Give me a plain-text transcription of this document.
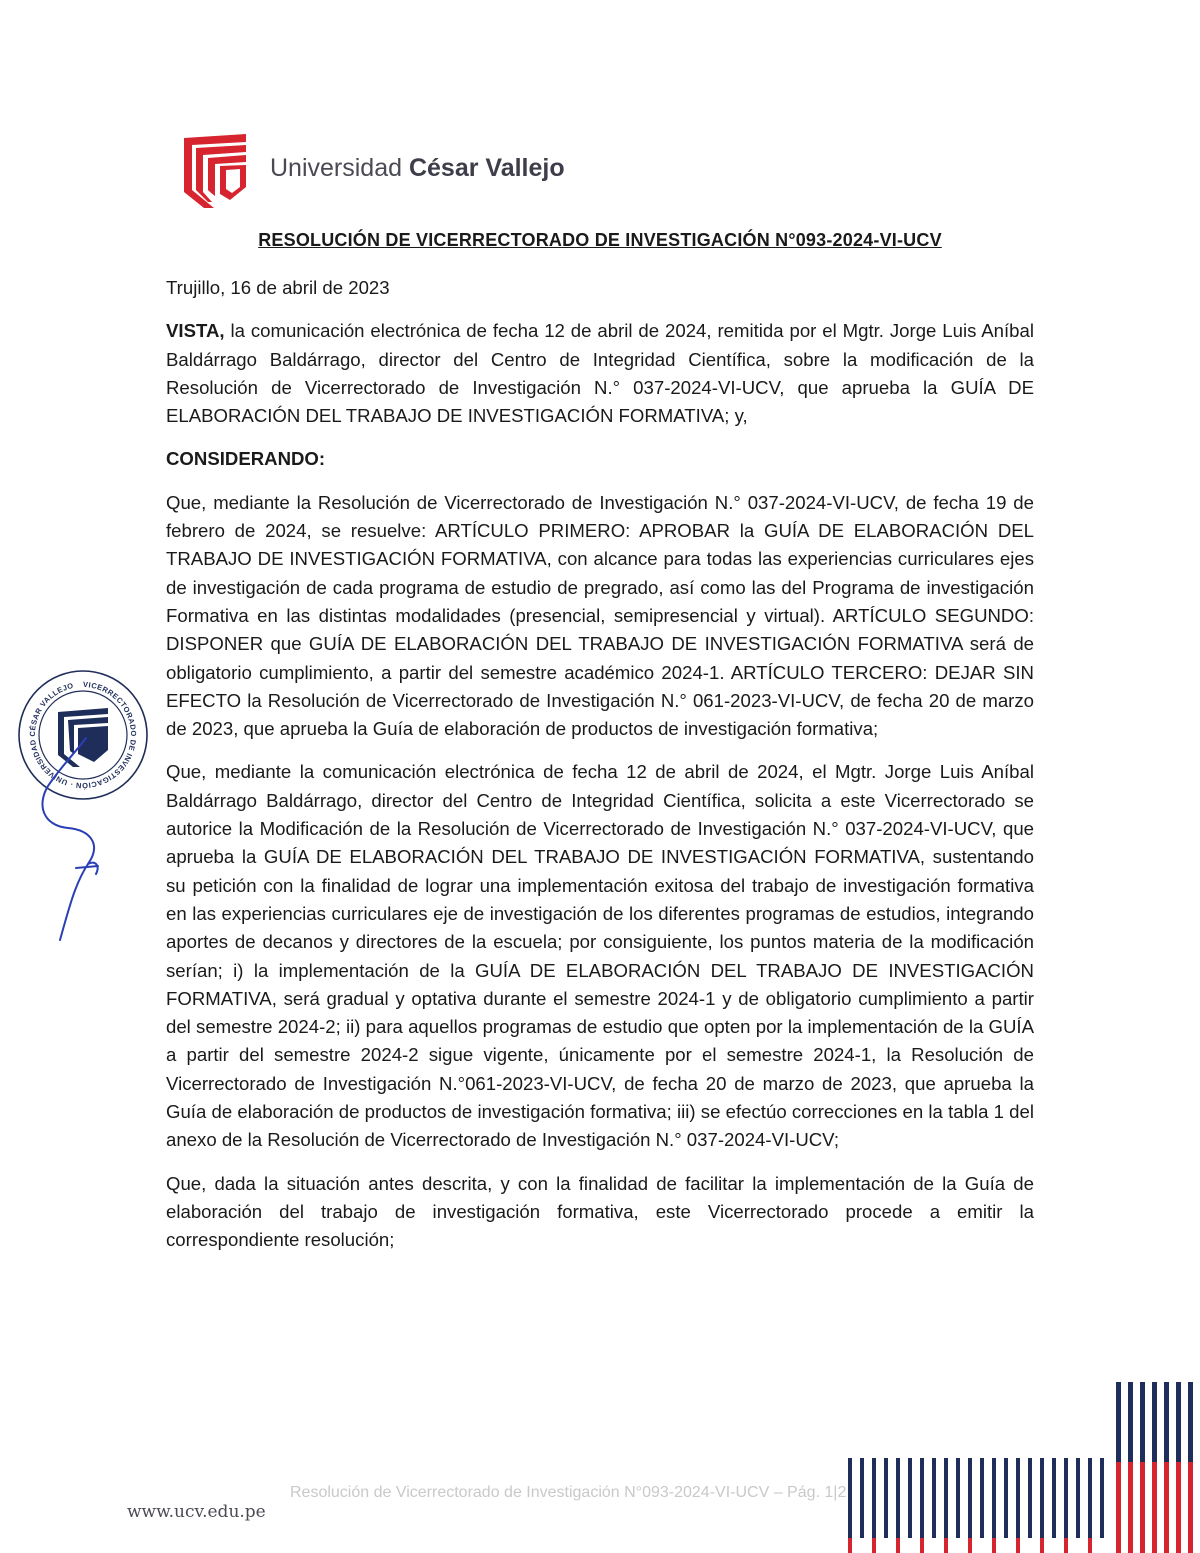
Universidad César Vallejo
RESOLUCIÓN DE VICERRECTORADO DE INVESTIGACIÓN N°093-2024-VI-UCV

Trujillo, 16 de abril de 2023

VISTA, la comunicación electrónica de fecha 12 de abril de 2024, remitida por el Mgtr. Jorge Luis Aníbal Baldárrago Baldárrago, director del Centro de Integridad Científica, sobre la modificación de la Resolución de Vicerrectorado de Investigación N.° 037-2024-VI-UCV, que aprueba la GUÍA DE ELABORACIÓN DEL TRABAJO DE INVESTIGACIÓN FORMATIVA; y,

CONSIDERANDO:

Que, mediante la Resolución de Vicerrectorado de Investigación N.° 037-2024-VI-UCV, de fecha 19 de febrero de 2024, se resuelve: ARTÍCULO PRIMERO: APROBAR la GUÍA DE ELABORACIÓN DEL TRABAJO DE INVESTIGACIÓN FORMATIVA, con alcance para todas las experiencias curriculares ejes de investigación de cada programa de estudio de pregrado, así como las del Programa de investigación Formativa en las distintas modalidades (presencial, semipresencial y virtual). ARTÍCULO SEGUNDO: DISPONER que GUÍA DE ELABORACIÓN DEL TRABAJO DE INVESTIGACIÓN FORMATIVA será de obligatorio cumplimiento, a partir del semestre académico 2024-1. ARTÍCULO TERCERO: DEJAR SIN EFECTO la Resolución de Vicerrectorado de Investigación N.° 061-2023-VI-UCV, de fecha 20 de marzo de 2023, que aprueba la Guía de elaboración de productos de investigación formativa;

Que, mediante la comunicación electrónica de fecha 12 de abril de 2024, el Mgtr. Jorge Luis Aníbal Baldárrago Baldárrago, director del Centro de Integridad Científica, solicita a este Vicerrectorado se autorice la Modificación de la Resolución de Vicerrectorado de Investigación N.° 037-2024-VI-UCV, que aprueba la GUÍA DE ELABORACIÓN DEL TRABAJO DE INVESTIGACIÓN FORMATIVA, sustentando su petición con la finalidad de lograr una implementación exitosa del trabajo de investigación formativa en las experiencias curriculares eje de investigación de los diferentes programas de estudios, integrando aportes de decanos y directores de la escuela; por consiguiente, los puntos materia de la modificación serían; i) la implementación de la GUÍA DE ELABORACIÓN DEL TRABAJO DE INVESTIGACIÓN FORMATIVA, será gradual y optativa durante el semestre 2024-1 y de obligatorio cumplimiento a partir del semestre 2024-2; ii) para aquellos programas de estudio que opten por la implementación de la GUÍA a partir del semestre 2024-2 sigue vigente, únicamente por el semestre 2024-1, la Resolución de Vicerrectorado de Investigación N.°061-2023-VI-UCV, de fecha 20 de marzo de 2023, que aprueba la Guía de elaboración de productos de investigación formativa; iii) se efectúo correcciones en la tabla 1 del anexo de la Resolución de Vicerrectorado de Investigación N.° 037-2024-VI-UCV;

Que, dada la situación antes descrita, y con la finalidad de facilitar la implementación de la Guía de elaboración del trabajo de investigación formativa, este Vicerrectorado procede a emitir la correspondiente resolución;

VICERRECTORADO DE INVESTIGACIÓN · UNIVERSIDAD CÉSAR VALLEJO
www.ucv.edu.pe
Resolución de Vicerrectorado de Investigación N°093-2024-VI-UCV – Pág. 1|2
